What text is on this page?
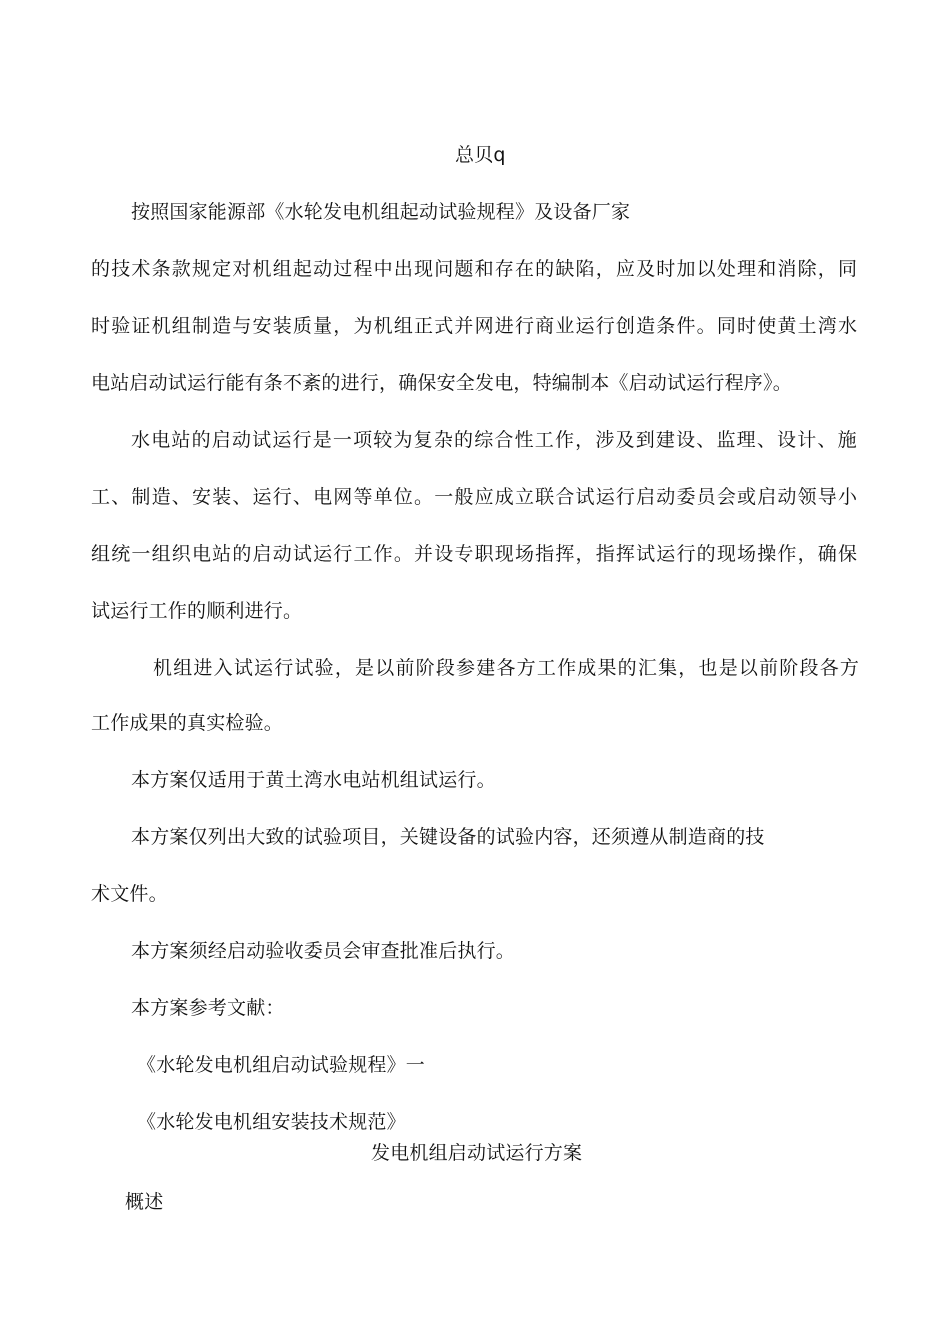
总贝q
按照国家能源部《水轮发电机组起动试验规程》及设备厂家
的 技 术 条 款 规 定 对 机 组 起 动 过 程 中 出 现 问 题 和 存 在 的 缺 陷 ， 应 及 时 加 以 处 理 和 消 除 ， 同
时 验 证 机 组 制 造 与 安 装 质 量 ， 为 机 组 正 式 并 网 进 行 商 业 运 行 创 造 条 件 。 同 时 使 黄 土 湾 水
电站启动试运行能有条不紊的进行，确保安全发电，特编制本《启动试运行程序》。
水 电 站 的 启 动 试 运 行 是 一 项 较 为 复 杂 的 综 合 性 工 作 ， 涉 及 到 建 设 、 监 理 、 设 计 、 施
工 、 制 造 、 安 装 、 运 行 、 电 网 等 单 位 。 一 般 应 成 立 联 合 试 运 行 启 动 委 员 会 或 启 动 领 导 小
组 统 一 组 织 电 站 的 启 动 试 运 行 工 作 。 并 设 专 职 现 场 指 挥 ， 指 挥 试 运 行 的 现 场 操 作 ， 确 保
试运行工作的顺利进行。
机 组 进 入 试 运 行 试 验 ， 是 以 前 阶 段 参 建 各 方 工 作 成 果 的 汇 集 ， 也 是 以 前 阶 段 各 方
工作成果的真实检验。
本方案仅适用于黄土湾水电站机组试运行。
本方案仅列出大致的试验项目，关键设备的试验内容，还须遵从制造商的技
术文件。
本方案须经启动验收委员会审查批准后执行。
本方案参考文献：
《水轮发电机组启动试验规程》一
《水轮发电机组安装技术规范》
发电机组启动试运行方案
概述
